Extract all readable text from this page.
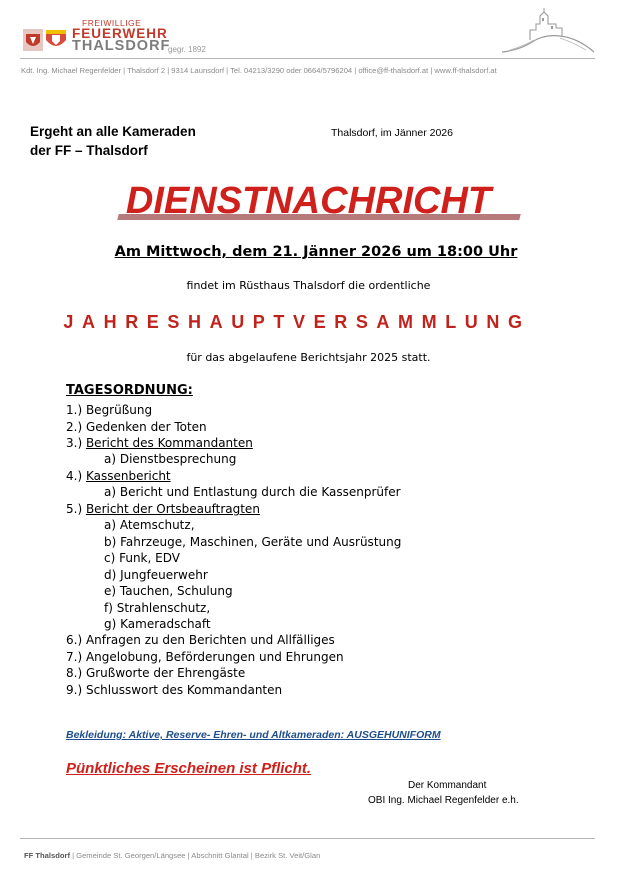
FREIWILLIGE
FEUERWEHR
THALSDORF
gegr. 1892
Kdt. Ing. Michael Regenfelder | Thalsdorf 2 | 9314 Launsdorf | Tel. 04213/3290 oder 0664/5796204 | office@ff-thalsdorf.at | www.ff-thalsdorf.at
Ergeht an alle Kameraden
der FF – Thalsdorf
Thalsdorf, im Jänner 2026
DIENSTNACHRICHT
Am Mittwoch, dem 21. Jänner 2026 um 18:00 Uhr
findet im Rüsthaus Thalsdorf die ordentliche
JAHRESHAUPTVERSAMMLUNG
für das abgelaufene Berichtsjahr 2025 statt.
TAGESORDNUNG:
1.) Begrüßung
2.) Gedenken der Toten
3.) Bericht des Kommandanten
a) Dienstbesprechung
4.) Kassenbericht
a) Bericht und Entlastung durch die Kassenprüfer
5.) Bericht der Ortsbeauftragten
a) Atemschutz,
b) Fahrzeuge, Maschinen, Geräte und Ausrüstung
c) Funk, EDV
d) Jungfeuerwehr
e) Tauchen, Schulung
f) Strahlenschutz,
g) Kameradschaft
6.) Anfragen zu den Berichten und Allfälliges
7.) Angelobung, Beförderungen und Ehrungen
8.) Grußworte der Ehrengäste
9.) Schlusswort des Kommandanten
Bekleidung: Aktive, Reserve- Ehren- und Altkameraden: AUSGEHUNIFORM
Pünktliches Erscheinen ist Pflicht.
Der Kommandant
OBI Ing. Michael Regenfelder e.h.
FF Thalsdorf | Gemeinde St. Georgen/Längsee | Abschnitt Glantal | Bezirk St. Veit/Glan
